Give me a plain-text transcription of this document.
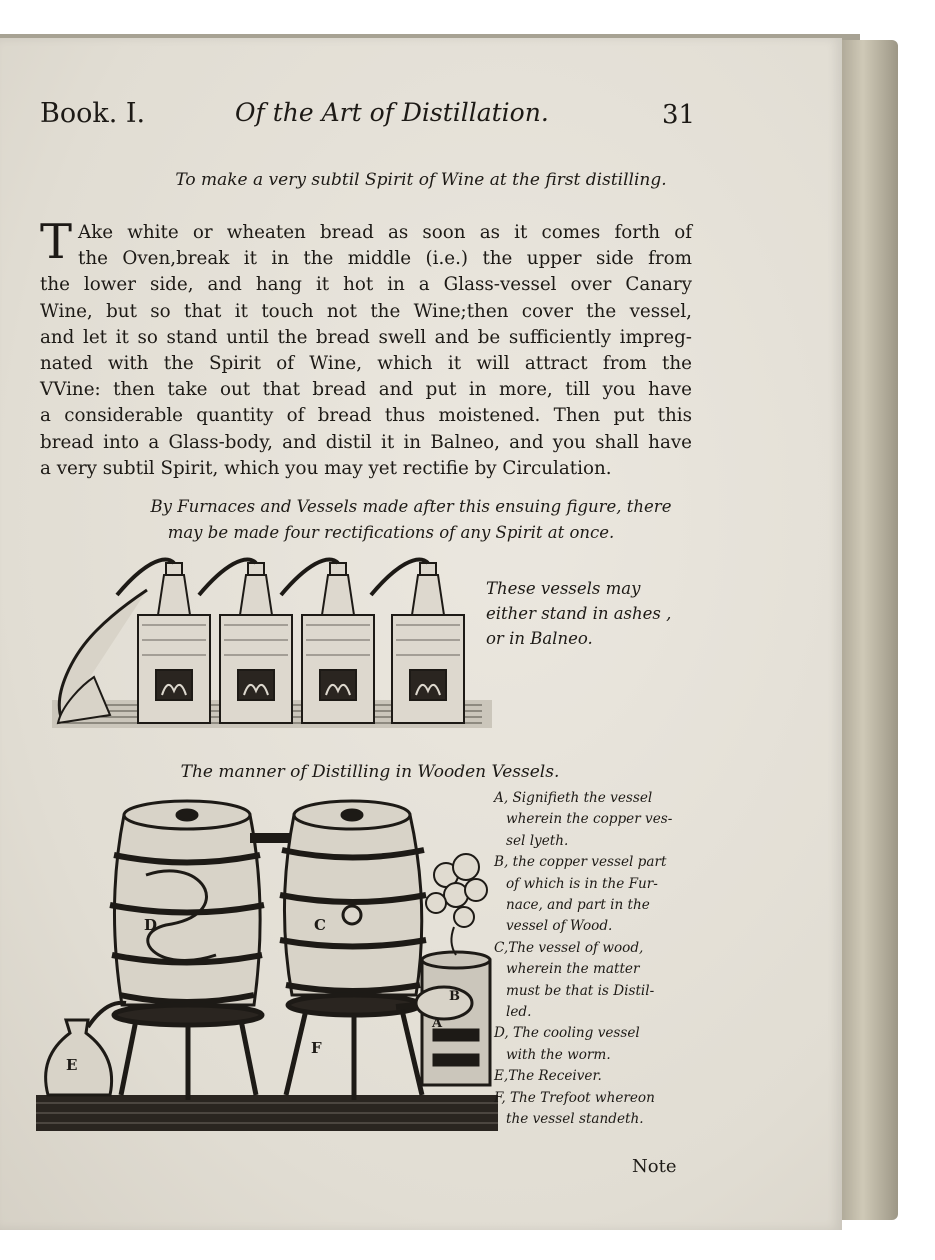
Book. I.	Of the Art of Distillation.	31
To make a very subtil Spirit of Wine at the first distilling.
T Ake white or wheaten bread as soon as it comes forth of
the Oven,break it in the middle (i.e.) the upper side from
the lower side, and hang it hot in a Glass-vessel over Canary
Wine, but so that it touch not the Wine;then cover the vessel,
and let it so stand until the bread swell and be sufficiently impreg-
nated with the Spirit of Wine, which it will attract from the
VVine: then take out that bread and put in more, till you have
a considerable quantity of bread thus moistened. Then put this
bread into a Glass-body, and distil it in Balneo, and you shall have
a very subtil Spirit, which you may yet rectifie by Circulation.
By Furnaces and Vessels made after this ensuing figure, there
may be made four rectifications of any Spirit at once.
These vessels may
either stand in ashes ,
or in Balneo.
The manner of Distilling in Wooden Vessels.
D	C
B
A
E
F
A, Signifieth the vessel
wherein the copper ves-
sel lyeth.
B, the copper vessel part
of which is in the Fur-
nace, and part in the
vessel of Wood.
C,The vessel of wood,
wherein the matter
must be that is Distil-
led.
D, The cooling vessel
with the worm.
E,The Receiver.
F, The Trefoot whereon
the vessel standeth.
Note
